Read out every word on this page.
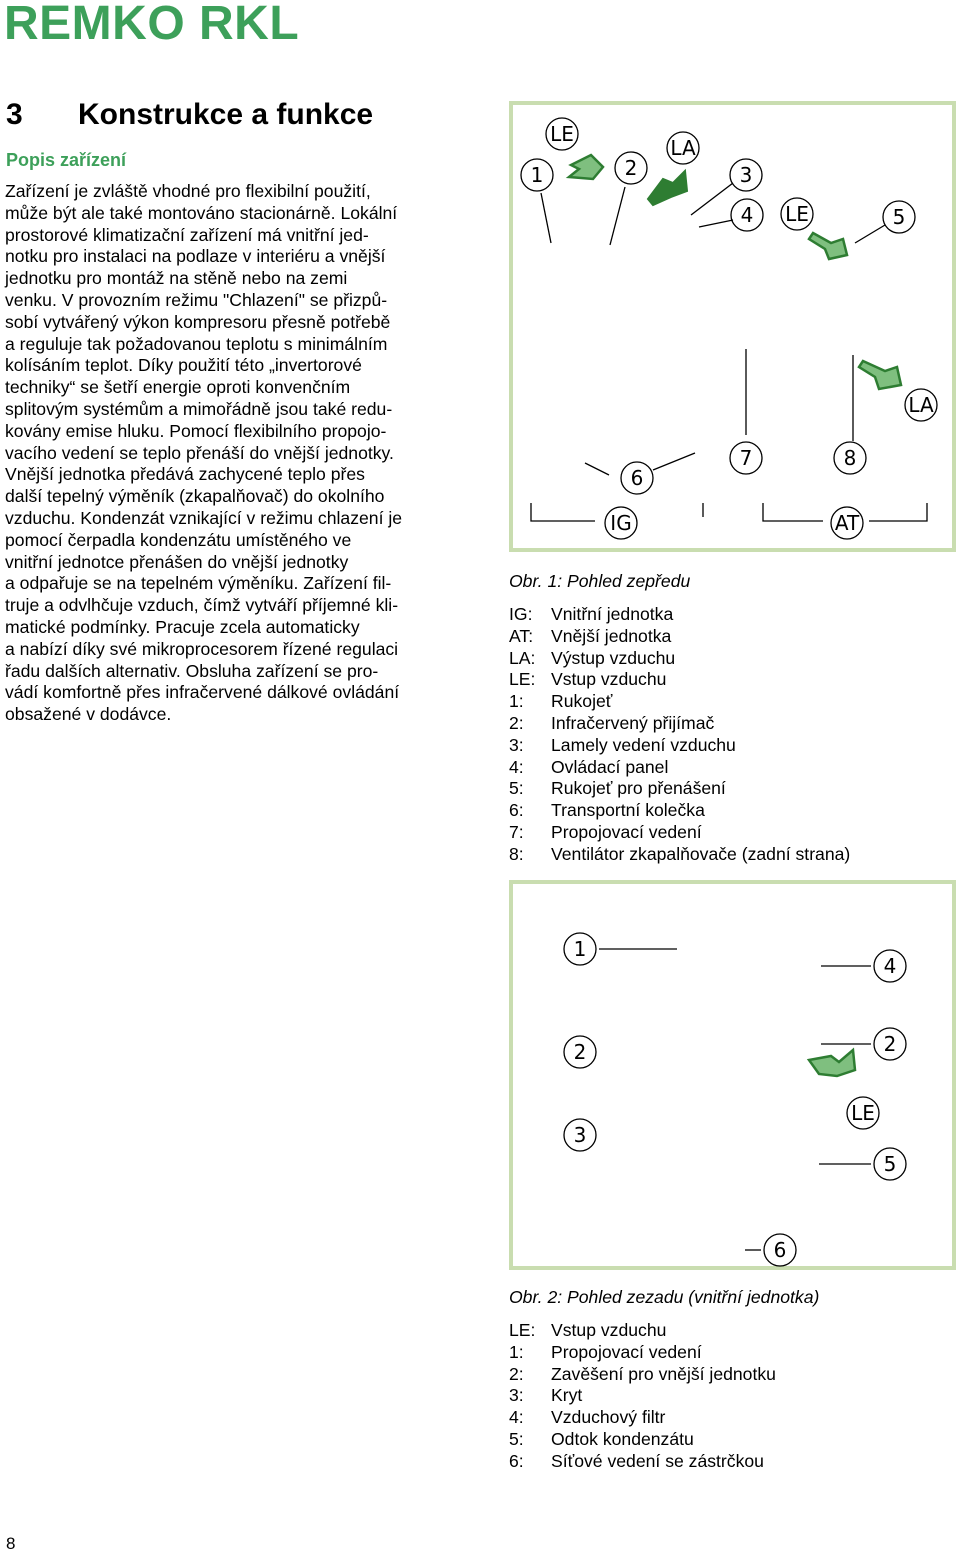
REMKO RKL
3 Konstrukce a funkce
Popis zařízení
Zařízení je zvláště vhodné pro flexibilní použití,
může být ale také montováno stacionárně. Lokální
prostorové klimatizační zařízení má vnitřní jed-
notku pro instalaci na podlaze v interiéru a vnější
jednotku pro montáž na stěně nebo na zemi
venku. V provozním režimu "Chlazení" se přizpů-
sobí vytvářený výkon kompresoru přesně potřebě
a reguluje tak požadovanou teplotu s minimálním
kolísáním teplot. Díky použití této „invertorové
techniky“ se šetří energie oproti konvenčním
splitovým systémům a mimořádně jsou také redu-
kovány emise hluku. Pomocí flexibilního propojo-
vacího vedení se teplo přenáší do vnější jednotky.
Vnější jednotka předává zachycené teplo přes
další tepelný výměník (zkapalňovač) do okolního
vzduchu. Kondenzát vznikající v režimu chlazení je
pomocí čerpadla kondenzátu umístěného ve
vnitřní jednotce přenášen do vnější jednotky
a odpařuje se na tepelném výměníku. Zařízení fil-
truje a odvlhčuje vzduch, čímž vytváří příjemné kli-
matické podmínky. Pracuje zcela automaticky
a nabízí díky své mikroprocesorem řízené regulaci
řadu dalších alternativ. Obsluha zařízení se pro-
vádí komfortně přes infračervené dálkové ovládání
obsažené v dodávce.
1
LE
2
LA
3
4 LE	5
LA
6
7	8
IG	AT
Obr. 1: Pohled zepředu
IG:	Vnitřní jednotka
AT:	Vnější jednotka
LA: Výstup vzduchu
LE: Vstup vzduchu
1:	Rukojeť
2:	Infračervený přijímač
3:	Lamely vedení vzduchu
4:	Ovládací panel
5:	Rukojeť pro přenášení
6:	Transportní kolečka
7:	Propojovací vedení
8:	Ventilátor zkapalňovače (zadní strana)
1
4
2	2
LE
3
5
6
Obr. 2: Pohled zezadu (vnitřní jednotka)
LE: Vstup vzduchu
1:	Propojovací vedení
2:	Zavěšení pro vnější jednotku
3:	Kryt
4:	Vzduchový filtr
5:	Odtok kondenzátu
6:	Síťové vedení se zástrčkou
8
